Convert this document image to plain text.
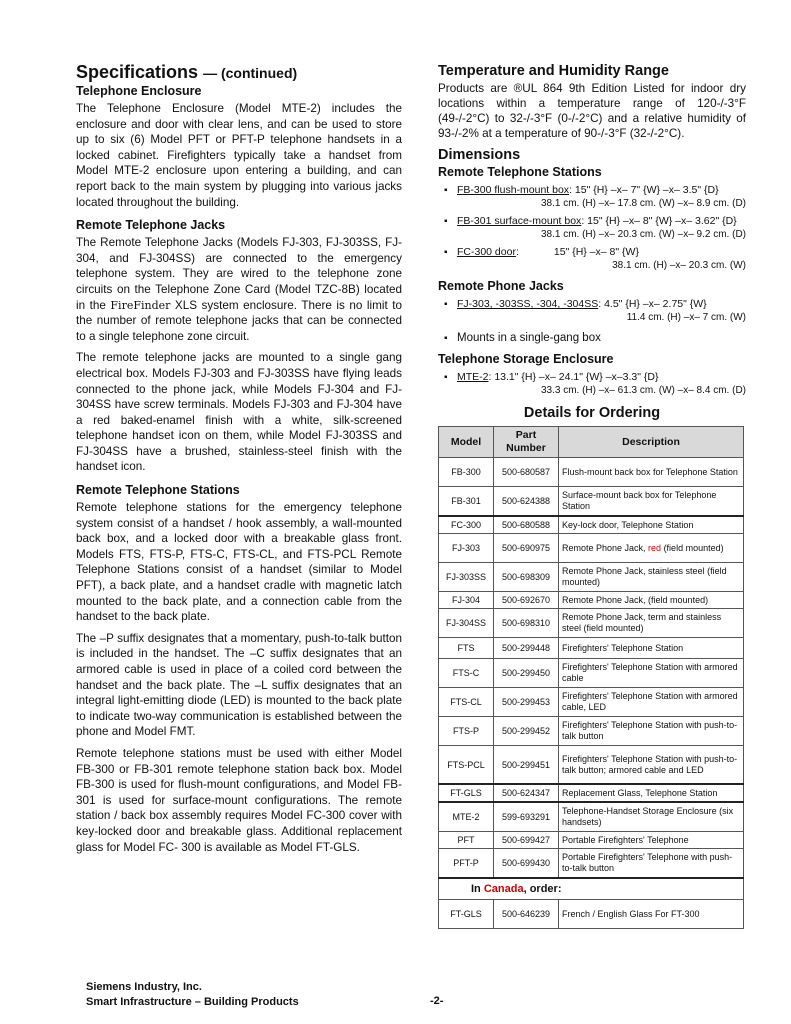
Specifications — (continued)
Telephone Enclosure

The Telephone Enclosure (Model MTE-2) includes the enclosure and door with clear lens, and can be used to store up to six (6) Model PFT or PFT-P telephone handsets in a locked cabinet. Firefighters typically take a handset from Model MTE-2 enclosure upon entering a building, and can report back to the main system by plugging into various jacks located throughout the building.

Remote Telephone Jacks

The Remote Telephone Jacks (Models FJ-303, FJ-303SS, FJ-304, and FJ-304SS) are connected to the emergency telephone system. They are wired to the telephone zone circuits on the Telephone Zone Card (Model TZC-8B) located in the FireFinder XLS system enclosure. There is no limit to the number of remote telephone jacks that can be connected to a single telephone zone circuit.

The remote telephone jacks are mounted to a single gang electrical box. Models FJ-303 and FJ-303SS have flying leads connected to the phone jack, while Models FJ-304 and FJ-304SS have screw terminals. Models FJ-303 and FJ-304 have a red baked-enamel finish with a white, silk-screened telephone handset icon on them, while Model FJ-303SS and FJ-304SS have a brushed, stainless-steel finish with the handset icon.

Remote Telephone Stations

Remote telephone stations for the emergency telephone system consist of a handset / hook assembly, a wall-mounted back box, and a locked door with a breakable glass front. Models FTS, FTS-P, FTS-C, FTS-CL, and FTS-PCL Remote Telephone Stations consist of a handset (similar to Model PFT), a back plate, and a handset cradle with magnetic latch mounted to the back plate, and a connection cable from the handset to the back plate.

The –P suffix designates that a momentary, push-to-talk button is included in the handset. The –C suffix designates that an armored cable is used in place of a coiled cord between the handset and the back plate. The –L suffix designates that an integral light-emitting diode (LED) is mounted to the back plate to indicate two-way communication is established between the phone and Model FMT.

Remote telephone stations must be used with either Model FB-300 or FB-301 remote telephone station back box. Model FB-300 is used for flush-mount configurations, and Model FB-301 is used for surface-mount configurations. The remote station / back box assembly requires Model FC-300 cover with key-locked door and breakable glass. Additional replacement glass for Model FC- 300 is available as Model FT-GLS.

Temperature and Humidity Range

Products are ®UL 864 9th Edition Listed for indoor dry locations within a temperature range of 120-/-3°F (49-/-2°C) to 32-/-3°F (0-/-2°C) and a relative humidity of 93-/-2% at a temperature of 90-/-3°F (32-/-2°C).

Dimensions
Remote Telephone Stations
▪ FB-300 flush-mount box: 15" {H} –x– 7" {W} –x– 3.5" {D}
38.1 cm. (H) –x– 17.8 cm. (W) –x– 8.9 cm. (D)
▪ FB-301 surface-mount box: 15" {H} –x– 8" {W} –x– 3.62" {D}
38.1 cm. (H) –x– 20.3 cm. (W) –x– 9.2 cm. (D)
▪ FC-300 door:            15" {H} –x– 8" {W}
38.1 cm. (H) –x– 20.3 cm. (W)
Remote Phone Jacks
▪ FJ-303, -303SS, -304, -304SS: 4.5" {H} –x– 2.75" {W}
11.4 cm. (H) –x– 7 cm. (W)
▪ Mounts in a single-gang box
Telephone Storage Enclosure
▪ MTE-2: 13.1" {H} –x– 24.1" {W} –x–3.3" {D}
33.3 cm. (H) –x– 61.3 cm. (W) –x– 8.4 cm. (D)
Details for Ordering
Model	Part Number	Description
FB-300	500-680587	Flush-mount back box for Telephone Station
FB-301	500-624388	Surface-mount back box for Telephone Station
FC-300	500-680588	Key-lock door, Telephone Station
FJ-303	500-690975	Remote Phone Jack, red (field mounted)
FJ-303SS	500-698309	Remote Phone Jack, stainless steel (field mounted)
FJ-304	500-692670	Remote Phone Jack, (field mounted)
FJ-304SS	500-698310	Remote Phone Jack, term and stainless steel (field mounted)
FTS	500-299448	Firefighters' Telephone Station
FTS-C	500-299450	Firefighters' Telephone Station with armored cable
FTS-CL	500-299453	Firefighters' Telephone Station with armored cable, LED
FTS-P	500-299452	Firefighters' Telephone Station with push-to-talk button
FTS-PCL	500-299451	Firefighters' Telephone Station with push-to-talk button; armored cable and LED
FT-GLS	500-624347	Replacement Glass, Telephone Station
MTE-2	599-693291	Telephone-Handset Storage Enclosure (six handsets)
PFT	500-699427	Portable Firefighters' Telephone
PFT-P	500-699430	Portable Firefighters' Telephone with push-to-talk button
In Canada, order:		
FT-GLS	500-646239	French / English Glass For FT-300
Siemens Industry, Inc.
Smart Infrastructure – Building Products	-2-
